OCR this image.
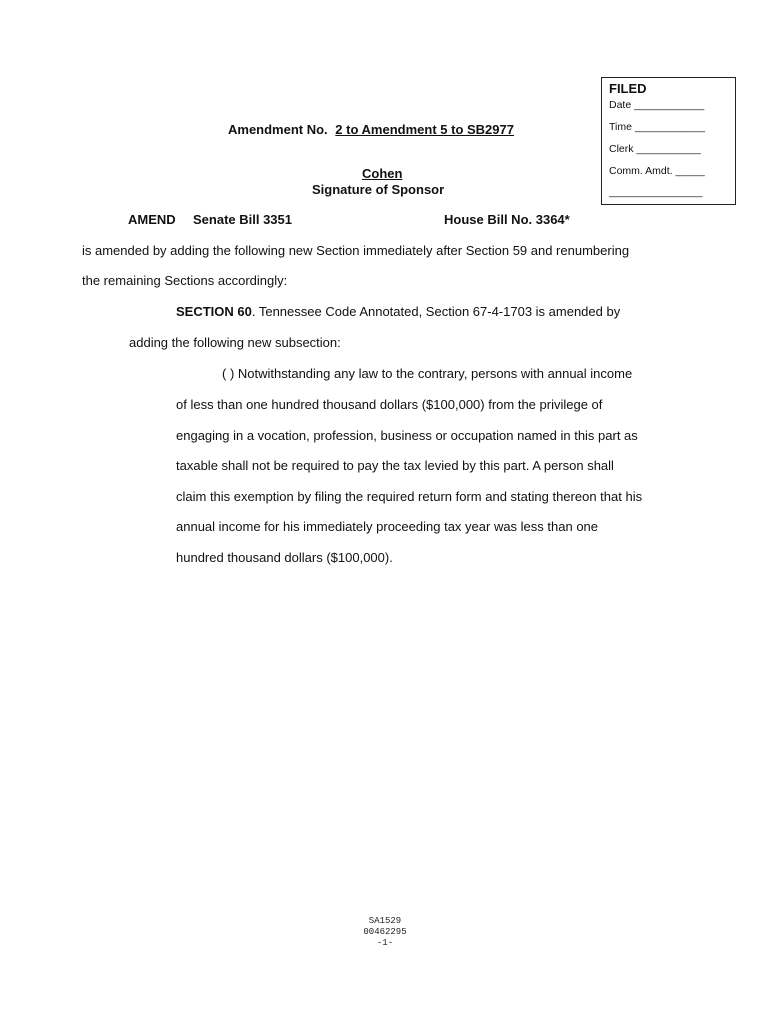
FILED
Date ____________
Time ____________
Clerk ___________
Comm. Amdt. _____
________________
Amendment No. 2 to Amendment 5 to SB2977
Cohen
Signature of Sponsor
AMEND Senate Bill 3351	House Bill No. 3364*
is amended by adding the following new Section immediately after Section 59 and renumbering
the remaining Sections accordingly:
SECTION 60. Tennessee Code Annotated, Section 67-4-1703 is amended by
adding the following new subsection:
( ) Notwithstanding any law to the contrary, persons with annual income
of less than one hundred thousand dollars ($100,000) from the privilege of
engaging in a vocation, profession, business or occupation named in this part as
taxable shall not be required to pay the tax levied by this part. A person shall
claim this exemption by filing the required return form and stating thereon that his
annual income for his immediately proceeding tax year was less than one
hundred thousand dollars ($100,000).
SA1529
00462295
-1-
